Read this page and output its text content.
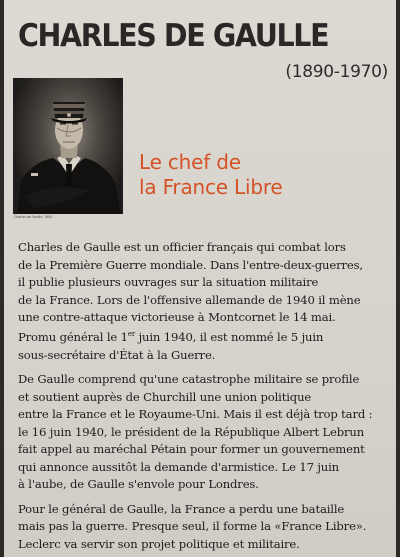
CHARLES DE GAULLE
(1890-1970)
Charles de Gaulle, 1940
Le chef de
la France Libre

Charles de Gaulle est un officier français qui combat lors
de la Première Guerre mondiale. Dans l'entre-deux-guerres,
il publie plusieurs ouvrages sur la situation militaire
de la France. Lors de l'offensive allemande de 1940 il mène
une contre-attaque victorieuse à Montcornet le 14 mai.
Promu général le 1er juin 1940, il est nommé le 5 juin
sous-secrétaire d'État à la Guerre.

De Gaulle comprend qu'une catastrophe militaire se profile
et soutient auprès de Churchill une union politique
entre la France et le Royaume-Uni. Mais il est déjà trop tard :
le 16 juin 1940, le président de la République Albert Lebrun
fait appel au maréchal Pétain pour former un gouvernement
qui annonce aussitôt la demande d'armistice. Le 17 juin
à l'aube, de Gaulle s'envole pour Londres.

Pour le général de Gaulle, la France a perdu une bataille
mais pas la guerre. Presque seul, il forme la «France Libre».
Leclerc va servir son projet politique et militaire.
